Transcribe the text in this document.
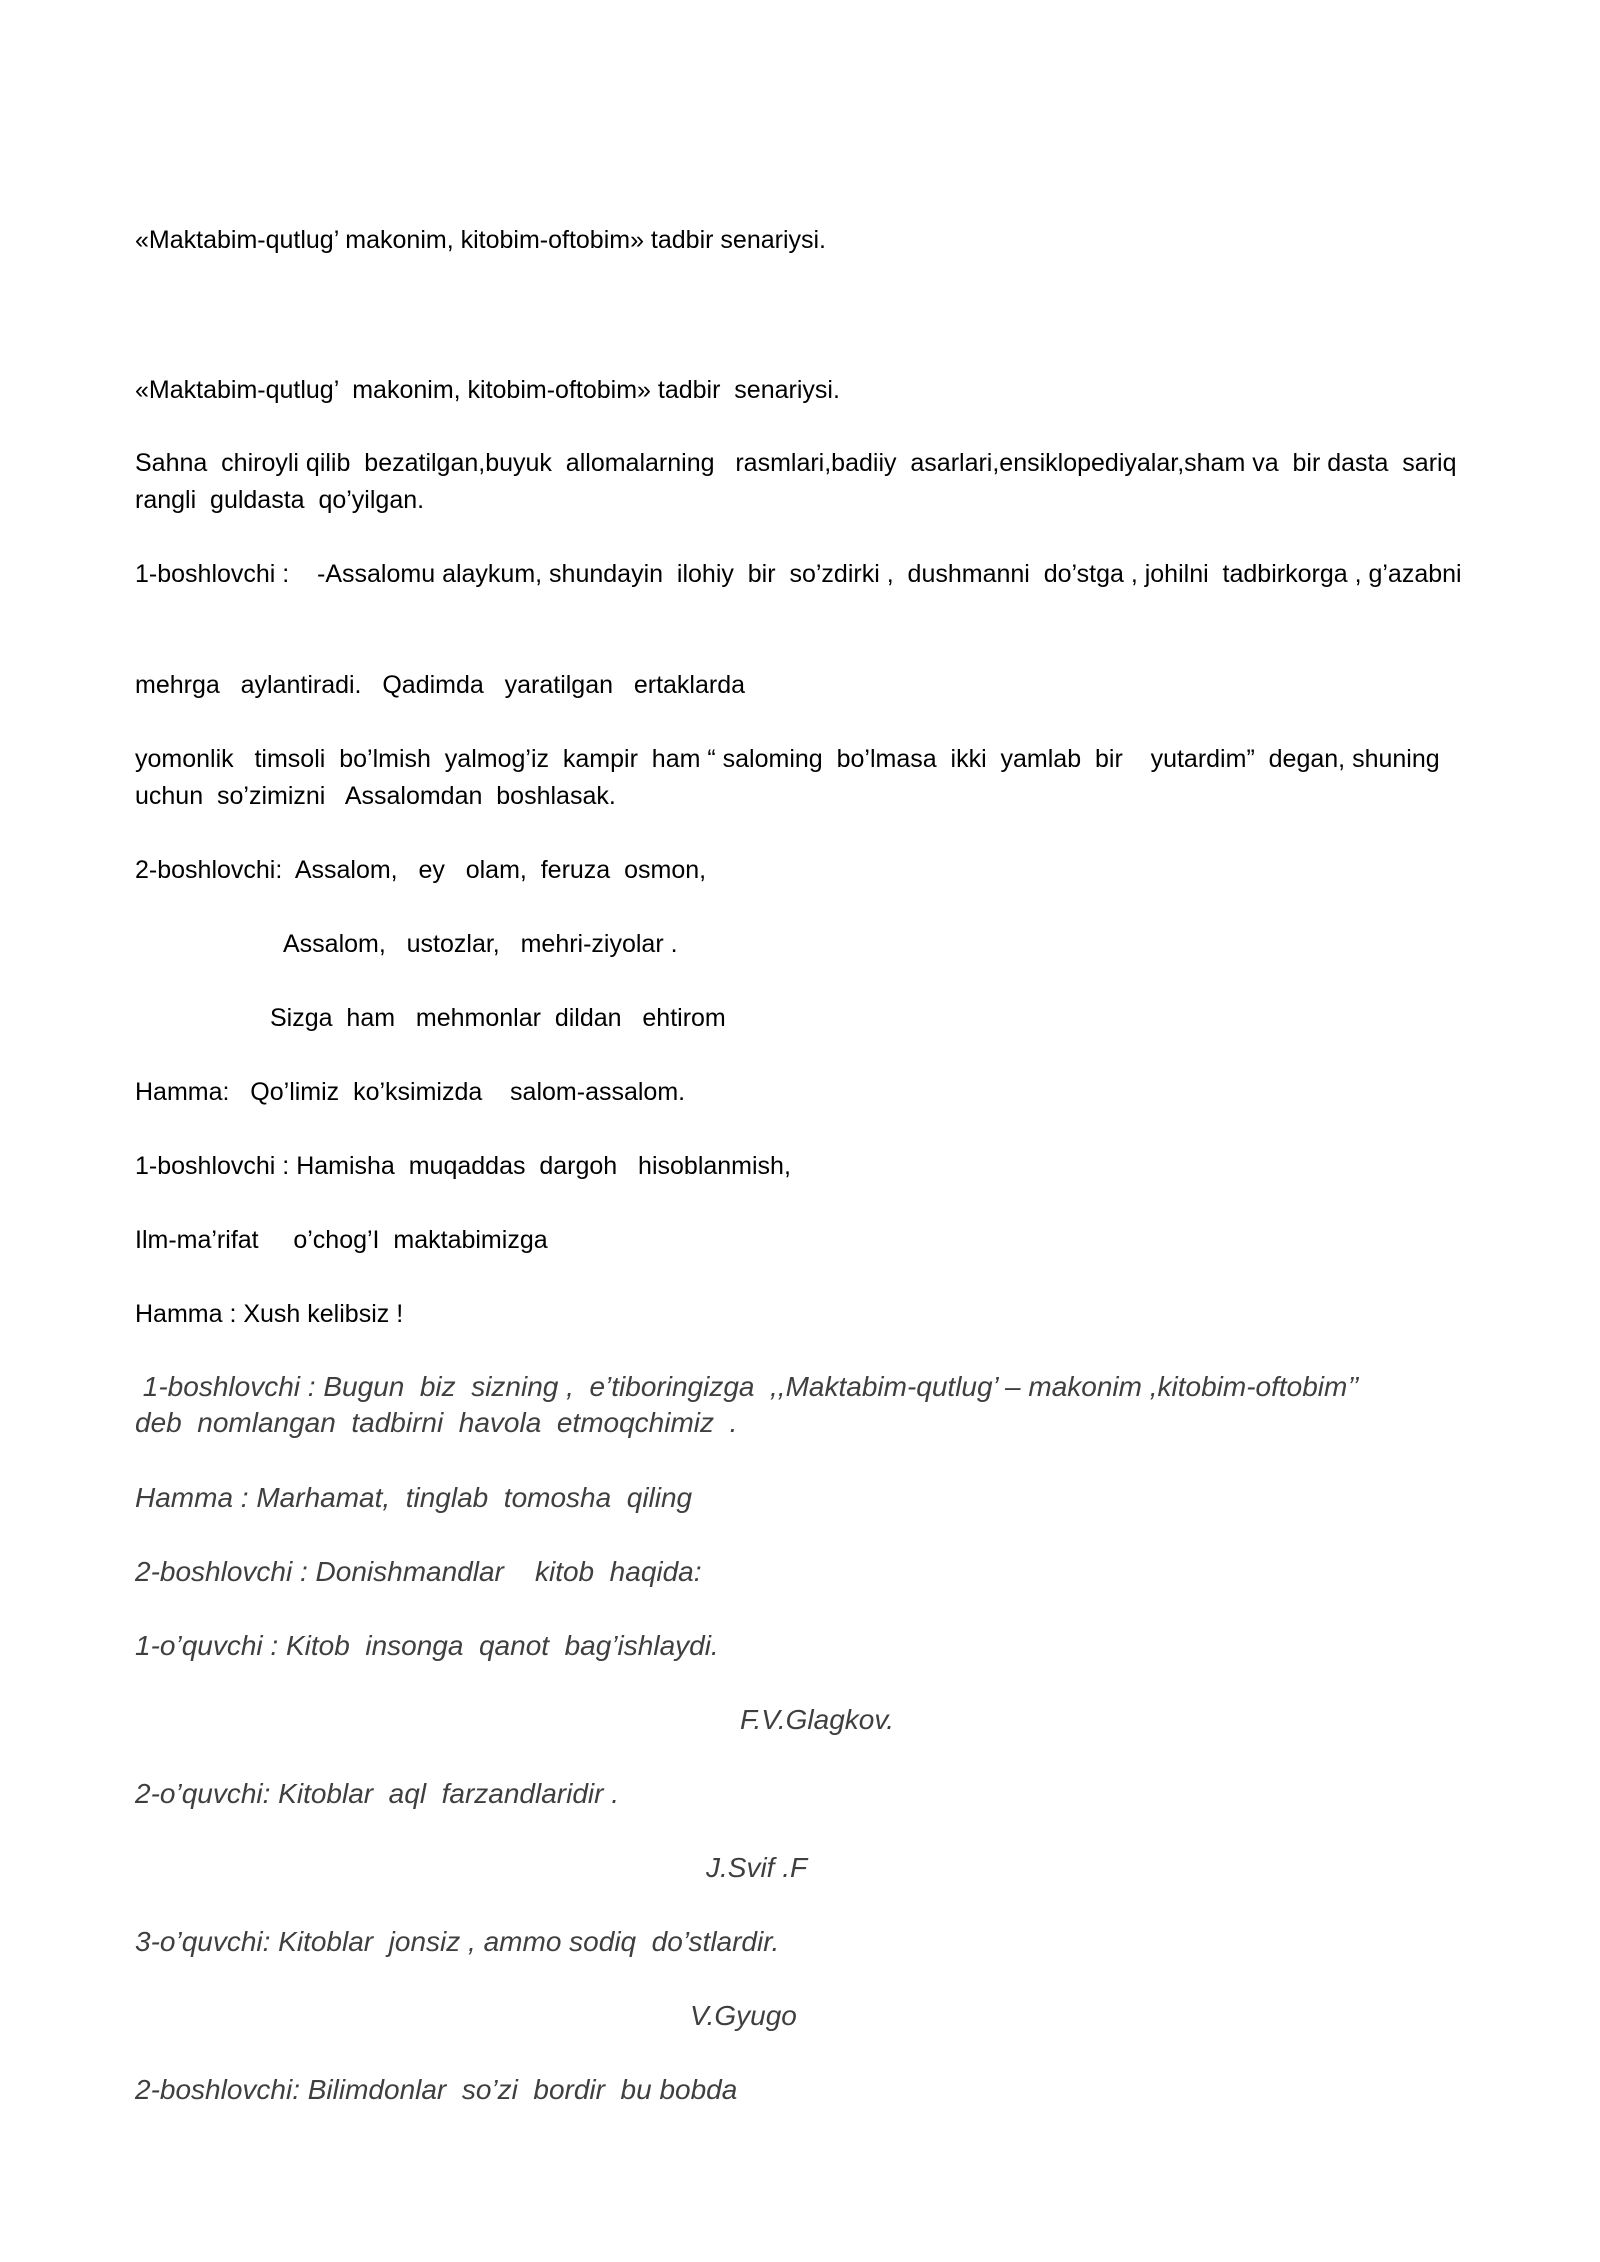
«Maktabim-qutlug’ makonim, kitobim-oftobim» tadbir senariysi.

«Maktabim-qutlug’  makonim, kitobim-oftobim» tadbir  senariysi.

Sahna  chiroyli qilib  bezatilgan,buyuk  allomalarning   rasmlari,badiiy  asarlari,ensiklopediyalar,sham va  bir dasta  sariq  rangli  guldasta  qo’yilgan.

1-boshlovchi :    -Assalomu alaykum, shundayin  ilohiy  bir  so’zdirki ,  dushmanni  do’stga , johilni  tadbirkorga , g’azabni

mehrga   aylantiradi.   Qadimda   yaratilgan   ertaklarda

yomonlik   timsoli  bo’lmish  yalmog’iz  kampir  ham “ saloming  bo’lmasa  ikki  yamlab  bir    yutardim”  degan, shuning  uchun  so’zimizni   Assalomdan  boshlasak.

2-boshlovchi:  Assalom,   ey   olam,  feruza  osmon,

Assalom,   ustozlar,   mehri-ziyolar .

Sizga  ham   mehmonlar  dildan   ehtirom

Hamma:   Qo’limiz  ko’ksimizda    salom-assalom.

1-boshlovchi : Hamisha  muqaddas  dargoh   hisoblanmish,

Ilm-ma’rifat     o’chog’I  maktabimizga

Hamma : Xush kelibsiz !

1-boshlovchi : Bugun  biz  sizning ,  e’tiboringizga  ,,Maktabim-qutlug’ – makonim ,kitobim-oftobim’’  deb  nomlangan  tadbirni  havola  etmoqchimiz  .

Hamma : Marhamat,  tinglab  tomosha  qiling

2-boshlovchi : Donishmandlar    kitob  haqida:

1-o’quvchi : Kitob  insonga  qanot  bag’ishlaydi.

F.V.Glagkov.

2-o’quvchi: Kitoblar  aql  farzandlaridir .

J.Svif .F

3-o’quvchi: Kitoblar  jonsiz , ammo sodiq  do’stlardir.

V.Gyugo

2-boshlovchi: Bilimdonlar  so’zi  bordir  bu bobda
